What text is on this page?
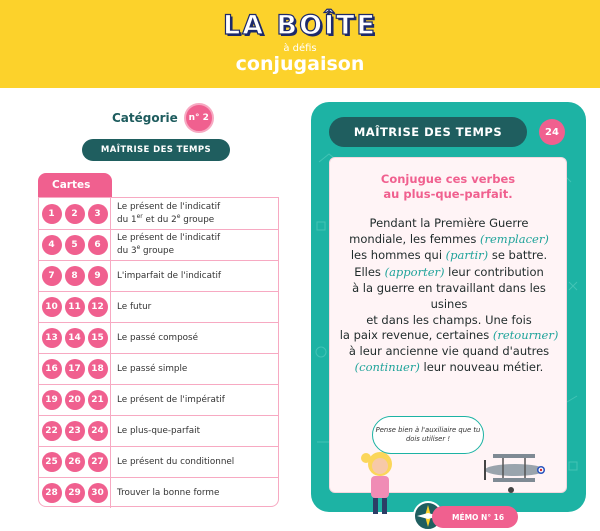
LA BOÎTE
à défis
conjugaison
Catégorie	n° 2
MAÎTRISE DES TEMPS
Cartes
1	2	3
Le présent de l'indicatif
du 1er et du 2e groupe
4	5	6
Le présent de l'indicatif
du 3e groupe
7	8	9	L'imparfait de l'indicatif
10	11	12	Le futur
13	14	15	Le passé composé
16	17	18	Le passé simple
19	20	21	Le présent de l'impératif
22	23	24	Le plus-que-parfait
25	26	27	Le présent du conditionnel
28	29	30	Trouver la bonne forme
MAÎTRISE DES TEMPS	24
Conjugue ces verbes
au plus-que-parfait.
Pendant la Première Guerre
mondiale, les femmes (remplacer)
les hommes qui (partir) se battre.
Elles (apporter) leur contribution
à la guerre en travaillant dans les usines
et dans les champs. Une fois
la paix revenue, certaines (retourner)
à leur ancienne vie quand d'autres
(continuer) leur nouveau métier.
Pense bien à l'auxiliaire que tu dois utiliser !
MÉMO N° 16
